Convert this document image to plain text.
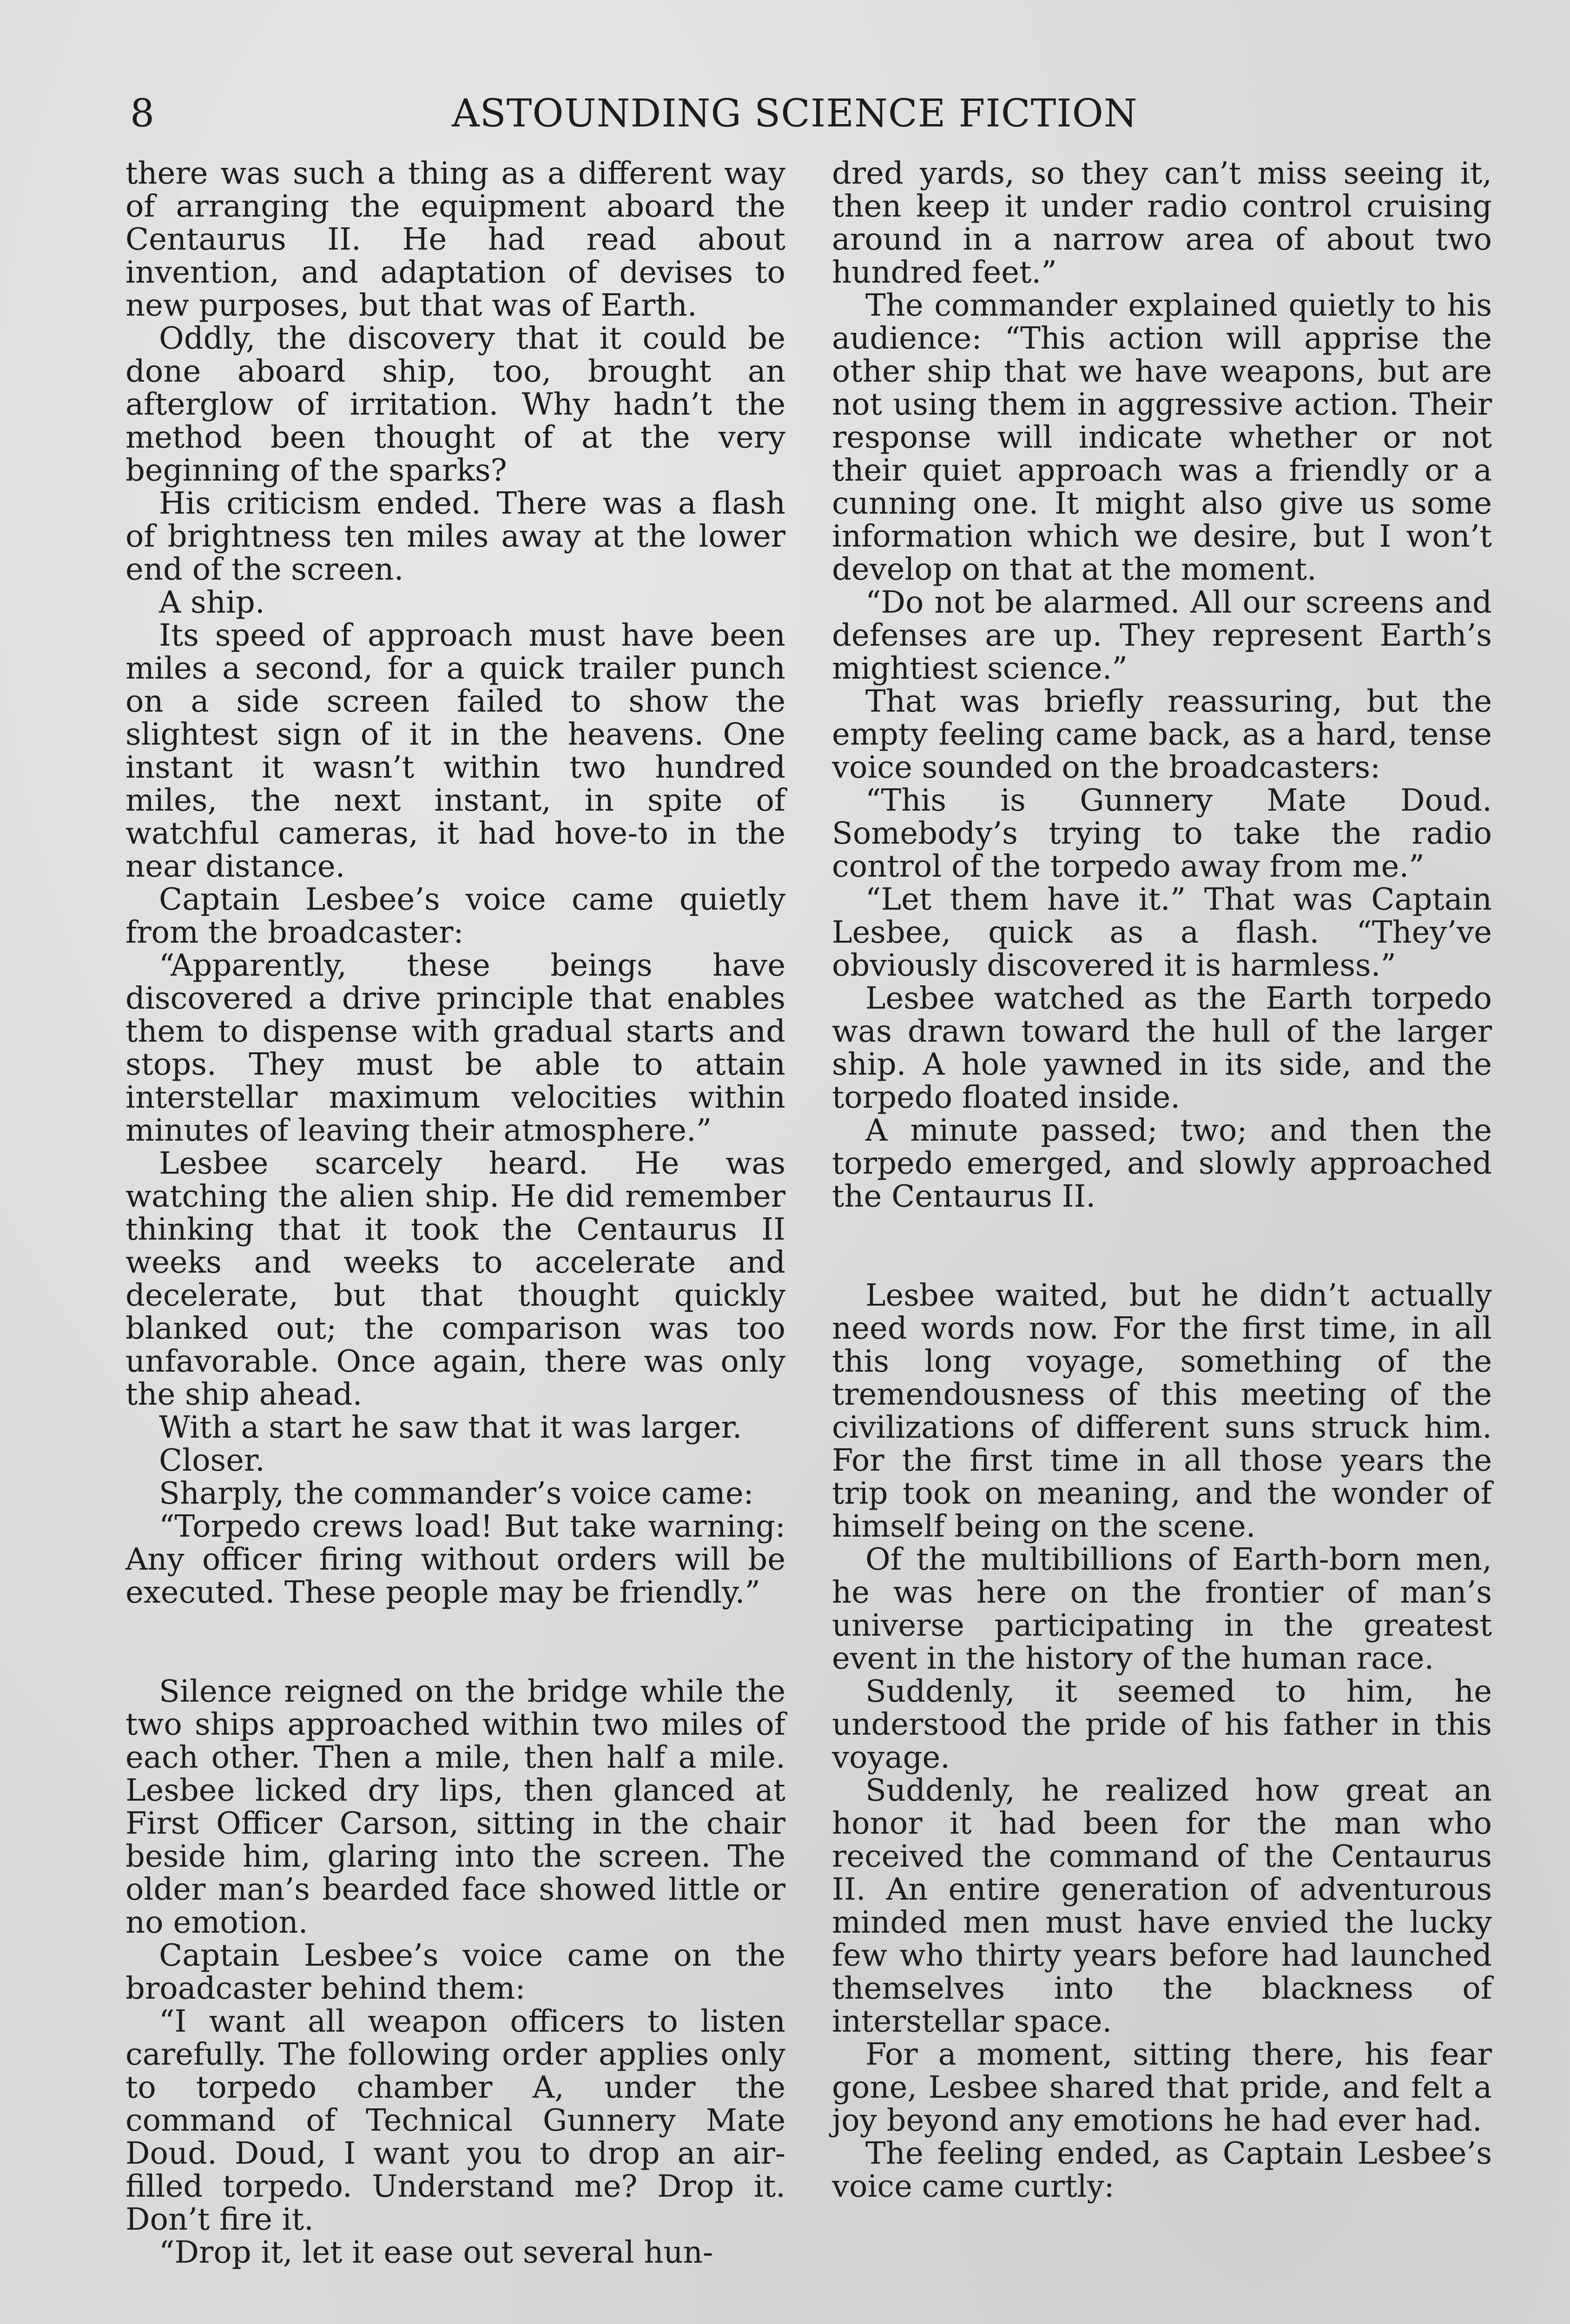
8	ASTOUNDING SCIENCE FICTION

there was such a thing as a different way of arranging the equipment aboard the Centaurus II. He had read about invention, and adaptation of devises to new purposes, but that was of Earth.

Oddly, the discovery that it could be done aboard ship, too, brought an afterglow of irritation. Why hadn’t the method been thought of at the very beginning of the sparks?

His criticism ended. There was a flash of brightness ten miles away at the lower end of the screen.

A ship.

Its speed of approach must have been miles a second, for a quick trailer punch on a side screen failed to show the slightest sign of it in the heavens. One instant it wasn’t within two hundred miles, the next instant, in spite of watchful cameras, it had hove-to in the near distance.

Captain Lesbee’s voice came quietly from the broadcaster:

“Apparently, these beings have discovered a drive principle that enables them to dispense with gradual starts and stops. They must be able to attain interstellar maximum velocities within minutes of leaving their atmosphere.”

Lesbee scarcely heard. He was watching the alien ship. He did remember thinking that it took the Centaurus II weeks and weeks to accelerate and decelerate, but that thought quickly blanked out; the comparison was too unfavorable. Once again, there was only the ship ahead.

With a start he saw that it was larger.

Closer.

Sharply, the commander’s voice came:

“Torpedo crews load! But take warning: Any officer firing without orders will be executed. These people may be friendly.”

Silence reigned on the bridge while the two ships approached within two miles of each other. Then a mile, then half a mile. Lesbee licked dry lips, then glanced at First Officer Carson, sitting in the chair beside him, glaring into the screen. The older man’s bearded face showed little or no emotion.

Captain Lesbee’s voice came on the broadcaster behind them:

“I want all weapon officers to listen carefully. The following order applies only to torpedo chamber A, under the command of Technical Gunnery Mate Doud. Doud, I want you to drop an air-filled torpedo. Understand me? Drop it. Don’t fire it.

“Drop it, let it ease out several hun-

dred yards, so they can’t miss seeing it, then keep it under radio control cruising around in a narrow area of about two hundred feet.”

The commander explained quietly to his audience: “This action will apprise the other ship that we have weapons, but are not using them in aggressive action. Their response will indicate whether or not their quiet approach was a friendly or a cunning one. It might also give us some information which we desire, but I won’t develop on that at the moment.

“Do not be alarmed. All our screens and defenses are up. They represent Earth’s mightiest science.”

That was briefly reassuring, but the empty feeling came back, as a hard, tense voice sounded on the broadcasters:

“This is Gunnery Mate Doud. Somebody’s trying to take the radio control of the torpedo away from me.”

“Let them have it.” That was Captain Lesbee, quick as a flash. “They’ve obviously discovered it is harmless.”

Lesbee watched as the Earth torpedo was drawn toward the hull of the larger ship. A hole yawned in its side, and the torpedo floated inside.

A minute passed; two; and then the torpedo emerged, and slowly approached the Centaurus II.

Lesbee waited, but he didn’t actually need words now. For the first time, in all this long voyage, something of the tremendousness of this meeting of the civilizations of different suns struck him. For the first time in all those years the trip took on meaning, and the wonder of himself being on the scene.

Of the multibillions of Earth-born men, he was here on the frontier of man’s universe participating in the greatest event in the history of the human race.

Suddenly, it seemed to him, he understood the pride of his father in this voyage.

Suddenly, he realized how great an honor it had been for the man who received the command of the Centaurus II. An entire generation of adventurous minded men must have envied the lucky few who thirty years before had launched themselves into the blackness of interstellar space.

For a moment, sitting there, his fear gone, Lesbee shared that pride, and felt a joy beyond any emotions he had ever had.

The feeling ended, as Captain Lesbee’s voice came curtly:
